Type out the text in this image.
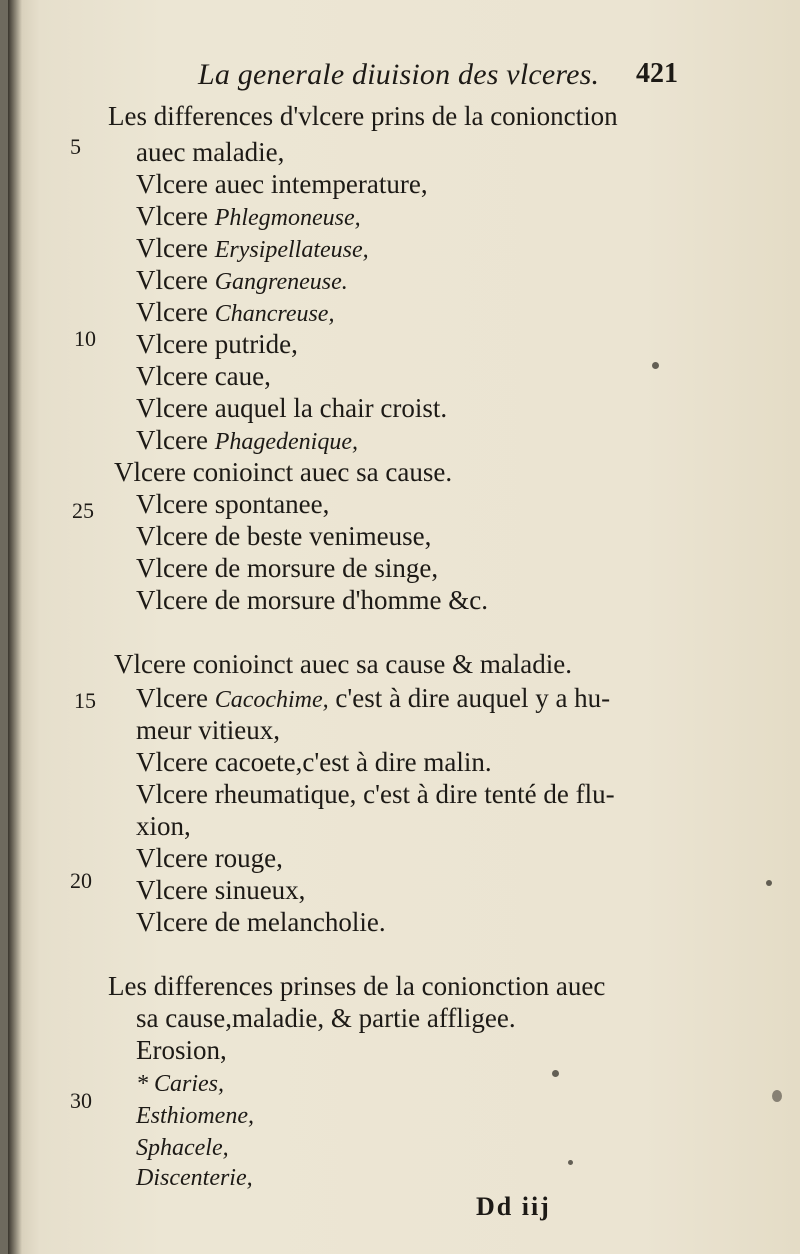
La generale diuision des vlceres. 421
5
10
25
15
20
30
Les differences d'vlcere prins de la conionction
auec maladie,
Vlcere auec intemperature,
Vlcere Phlegmoneuse,
Vlcere Erysipellateuse,
Vlcere Gangreneuse.
Vlcere Chancreuse,
Vlcere putride,
Vlcere caue,
Vlcere auquel la chair croist.
Vlcere Phagedenique,
Vlcere conioinct auec sa cause.
Vlcere spontanee,
Vlcere de beste venimeuse,
Vlcere de morsure de singe,
Vlcere de morsure d'homme &c.
Vlcere conioinct auec sa cause & maladie.
Vlcere Cacochime, c'est à dire auquel y a hu-
meur vitieux,
Vlcere cacoete,c'est à dire malin.
Vlcere rheumatique, c'est à dire tenté de flu-
xion,
Vlcere rouge,
Vlcere sinueux,
Vlcere de melancholie.
Les differences prinses de la conionction auec
sa cause,maladie, & partie affligee.
Erosion,
* Caries,
Esthiomene,
Sphacele,
Discenterie,
Dd iij
